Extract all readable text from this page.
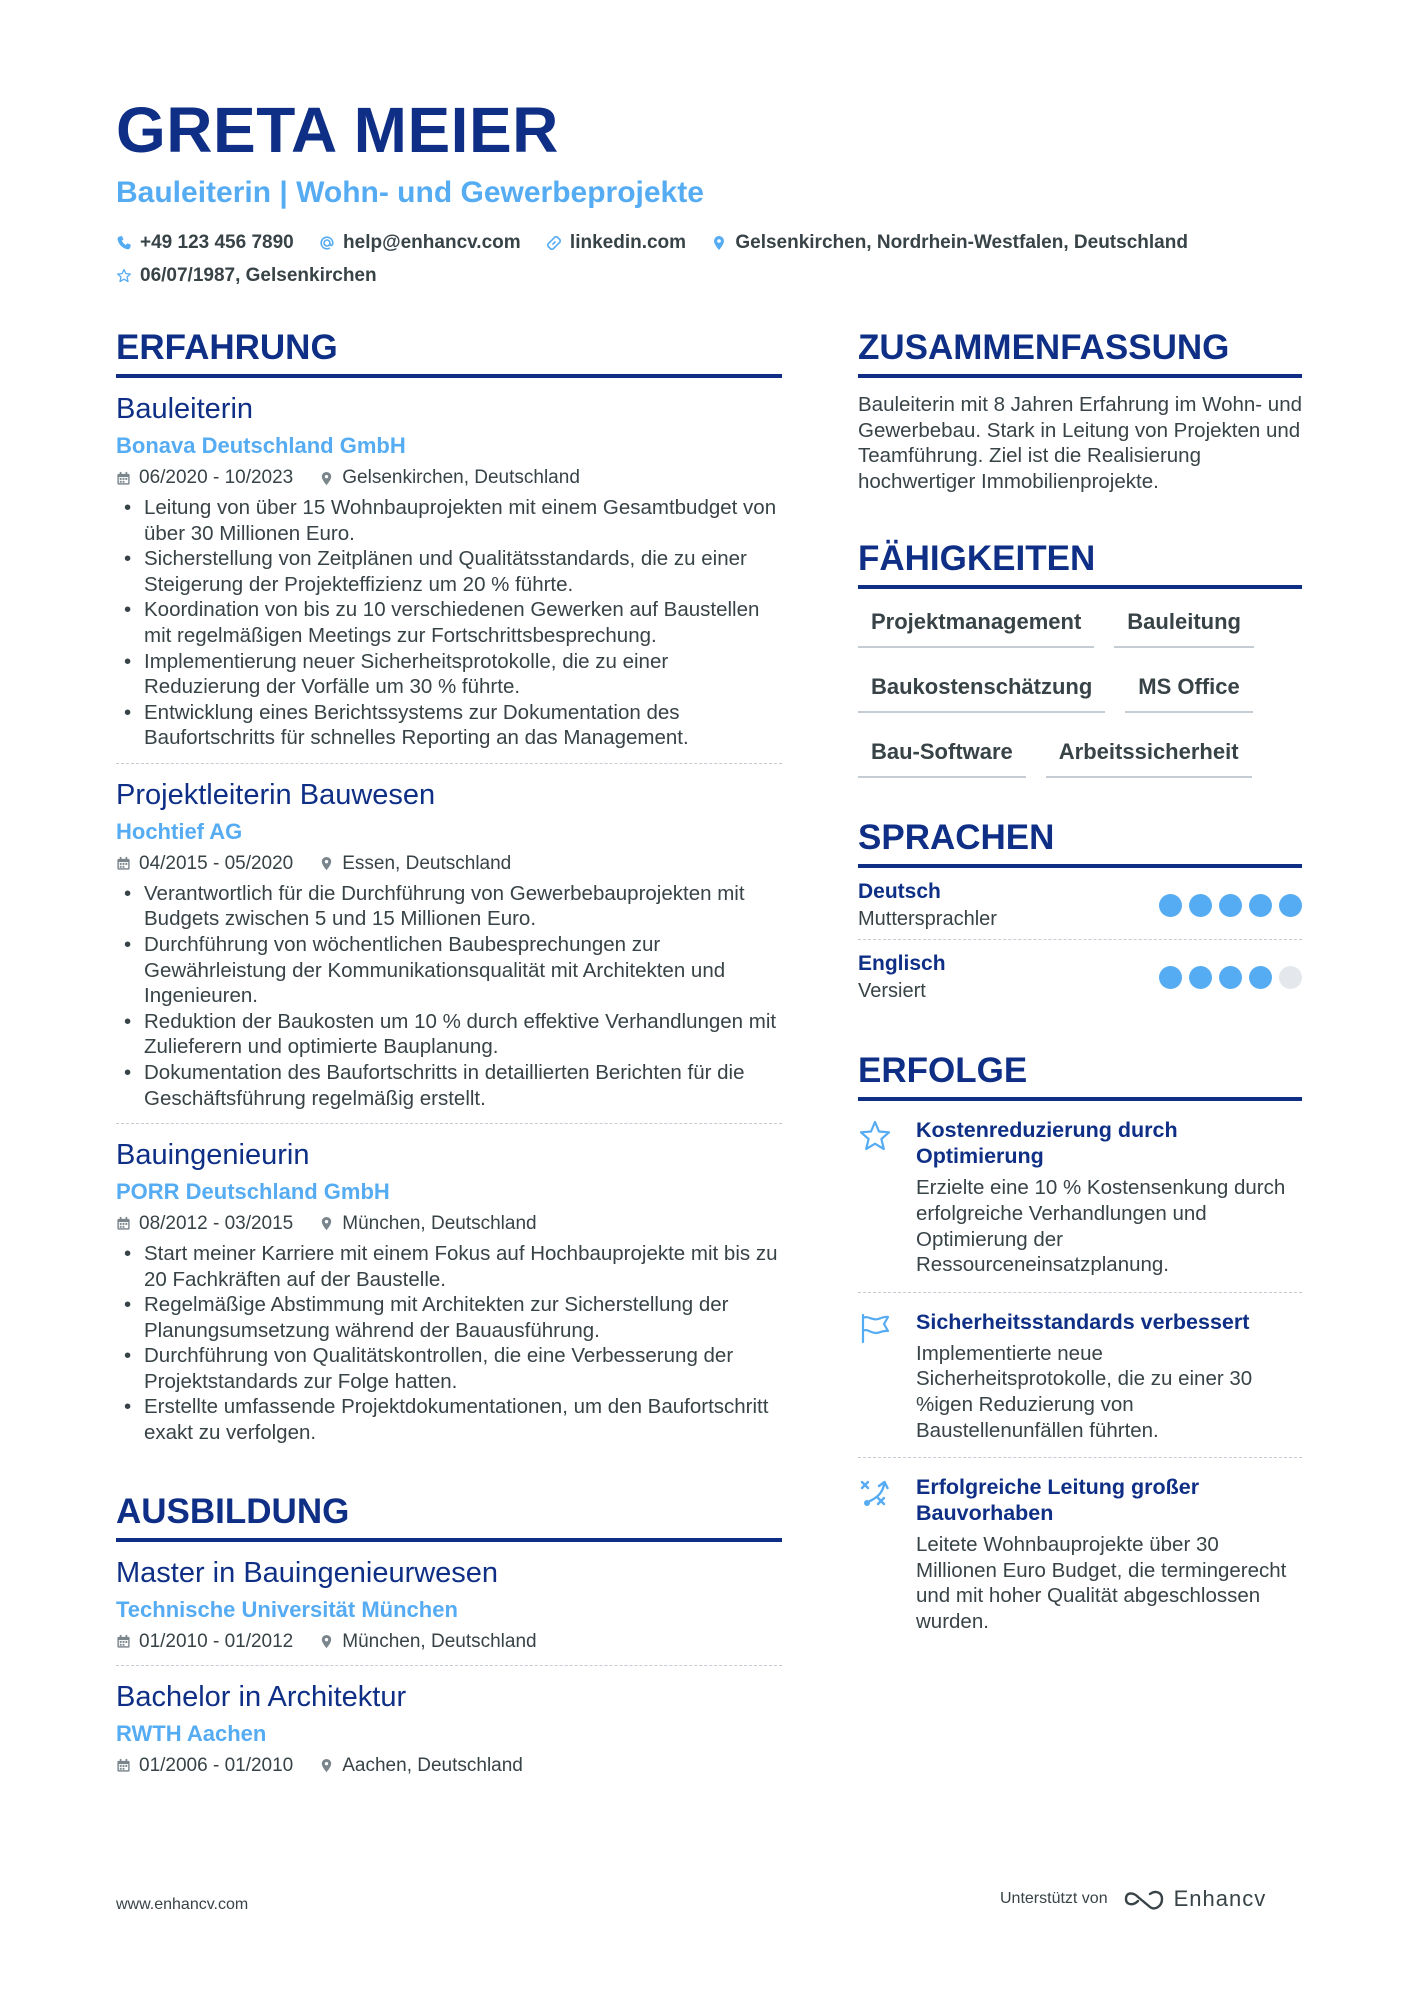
GRETA MEIER
Bauleiterin | Wohn- und Gewerbeprojekte
+49 123 456 7890
	help@enhancv.com
	linkedin.com
	Gelsenkirchen, Nordrhein-Westfalen, Deutschland

06/07/1987, Gelsenkirchen
ERFAHRUNG
Bauleiterin
Bonava Deutschland GmbH
06/2020 - 10/2023	Gelsenkirchen, Deutschland
• Leitung von über 15 Wohnbauprojekten mit einem Gesamtbudget von über 30 Millionen Euro.
• Sicherstellung von Zeitplänen und Qualitätsstandards, die zu einer Steigerung der Projekteffizienz um 20 % führte.
• Koordination von bis zu 10 verschiedenen Gewerken auf Baustellen mit regelmäßigen Meetings zur Fortschrittsbesprechung.
• Implementierung neuer Sicherheitsprotokolle, die zu einer Reduzierung der Vorfälle um 30 % führte.
• Entwicklung eines Berichtssystems zur Dokumentation des Baufortschritts für schnelles Reporting an das Management.
Projektleiterin Bauwesen
Hochtief AG
04/2015 - 05/2020	Essen, Deutschland
• Verantwortlich für die Durchführung von Gewerbebauprojekten mit Budgets zwischen 5 und 15 Millionen Euro.
• Durchführung von wöchentlichen Baubesprechungen zur Gewährleistung der Kommunikationsqualität mit Architekten und Ingenieuren.
• Reduktion der Baukosten um 10 % durch effektive Verhandlungen mit Zulieferern und optimierte Bauplanung.
• Dokumentation des Baufortschritts in detaillierten Berichten für die Geschäftsführung regelmäßig erstellt.
Bauingenieurin
PORR Deutschland GmbH
08/2012 - 03/2015	München, Deutschland
• Start meiner Karriere mit einem Fokus auf Hochbauprojekte mit bis zu 20 Fachkräften auf der Baustelle.
• Regelmäßige Abstimmung mit Architekten zur Sicherstellung der Planungsumsetzung während der Bauausführung.
• Durchführung von Qualitätskontrollen, die eine Verbesserung der Projektstandards zur Folge hatten.
• Erstellte umfassende Projektdokumentationen, um den Baufortschritt exakt zu verfolgen.
AUSBILDUNG
Master in Bauingenieurwesen
Technische Universität München
01/2010 - 01/2012	München, Deutschland
Bachelor in Architektur
RWTH Aachen
01/2006 - 01/2010	Aachen, Deutschland
ZUSAMMENFASSUNG
Bauleiterin mit 8 Jahren Erfahrung im Wohn- und Gewerbebau. Stark in Leitung von Projekten und Teamführung. Ziel ist die Realisierung hochwertiger Immobilienprojekte.
FÄHIGKEITEN
Projektmanagement	Bauleitung
Baukostenschätzung	MS Office
Bau-Software	Arbeitssicherheit
SPRACHEN
Deutsch
Muttersprachler
Englisch
Versiert
ERFOLGE
Kostenreduzierung durch Optimierung
Erzielte eine 10 % Kostensenkung durch erfolgreiche Verhandlungen und Optimierung der Ressourceneinsatzplanung.
Sicherheitsstandards verbessert
Implementierte neue Sicherheitsprotokolle, die zu einer 30 %igen Reduzierung von Baustellenunfällen führten.
Erfolgreiche Leitung großer Bauvorhaben
Leitete Wohnbauprojekte über 30 Millionen Euro Budget, die termingerecht und mit hoher Qualität abgeschlossen wurden.
www.enhancv.com	Unterstützt von	Enhancv
